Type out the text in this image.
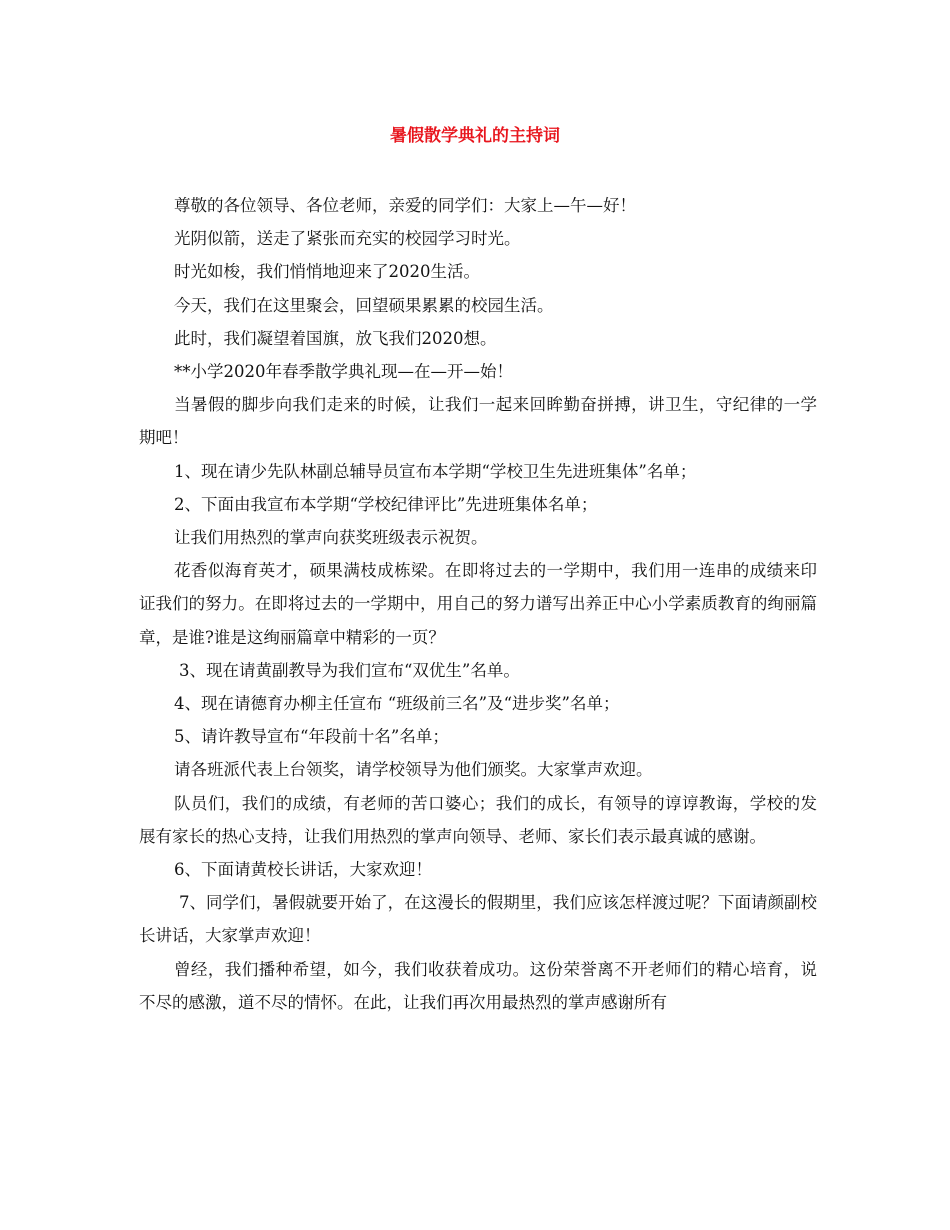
暑假散学典礼的主持词

尊敬的各位领导、各位老师，亲爱的同学们：大家上—午—好！

光阴似箭，送走了紧张而充实的校园学习时光。

时光如梭，我们悄悄地迎来了2020生活。

今天，我们在这里聚会，回望硕果累累的校园生活。

此时，我们凝望着国旗，放飞我们2020想。

**小学2020年春季散学典礼现—在—开—始！

当暑假的脚步向我们走来的时候，让我们一起来回眸勤奋拼搏，讲卫生，守纪律的一学期吧！

1、现在请少先队林副总辅导员宣布本学期“学校卫生先进班集体”名单；

2、下面由我宣布本学期“学校纪律评比”先进班集体名单；

让我们用热烈的掌声向获奖班级表示祝贺。

花香似海育英才，硕果满枝成栋梁。在即将过去的一学期中，我们用一连串的成绩来印证我们的努力。在即将过去的一学期中，用自己的努力谱写出养正中心小学素质教育的绚丽篇章，是谁?谁是这绚丽篇章中精彩的一页？

3、现在请黄副教导为我们宣布“双优生”名单。

4、现在请德育办柳主任宣布 “班级前三名”及“进步奖”名单；

5、请许教导宣布“年段前十名”名单；

请各班派代表上台领奖，请学校领导为他们颁奖。大家掌声欢迎。

队员们，我们的成绩，有老师的苦口婆心；我们的成长，有领导的谆谆教诲，学校的发展有家长的热心支持，让我们用热烈的掌声向领导、老师、家长们表示最真诚的感谢。

6、下面请黄校长讲话，大家欢迎！

7、同学们，暑假就要开始了，在这漫长的假期里，我们应该怎样渡过呢？下面请颜副校长讲话，大家掌声欢迎！

曾经，我们播种希望，如今，我们收获着成功。这份荣誉离不开老师们的精心培育，说不尽的感激，道不尽的情怀。在此，让我们再次用最热烈的掌声感谢所有
